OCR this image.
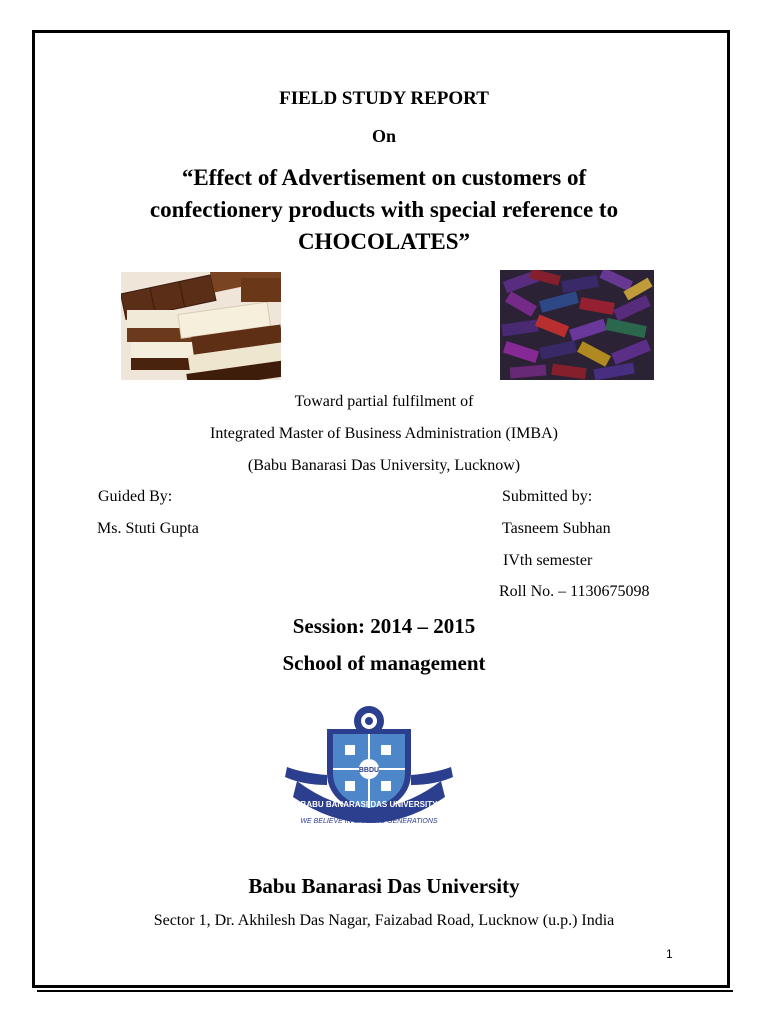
FIELD STUDY REPORT
On
“Effect of Advertisement on customers of
confectionery products with special reference to
CHOCOLATES”
Toward partial fulfilment of
Integrated Master of Business Administration (IMBA)
(Babu Banarasi Das University, Lucknow)
Guided By:
Ms. Stuti Gupta
Submitted by:
Tasneem Subhan
IVth semester
Roll No. – 1130675098
Session: 2014 – 2015
School of management
BBDU
WE BELIEVE IN SHAPING GENERATIONS
BABU BANARASI DAS UNIVERSITY
Babu Banarasi Das University
Sector 1, Dr. Akhilesh Das Nagar, Faizabad Road, Lucknow (u.p.) India
1
